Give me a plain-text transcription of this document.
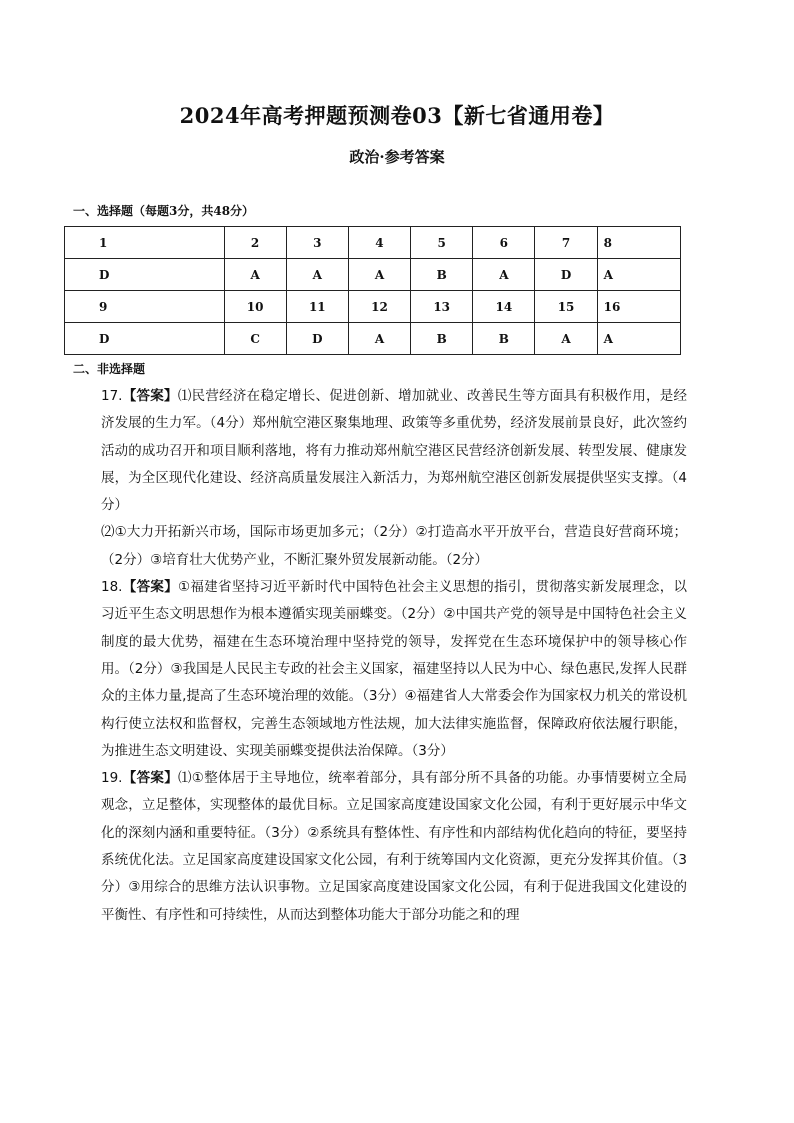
2024年高考押题预测卷03【新七省通用卷】
政治·参考答案
一、选择题（每题3分，共48分）
1	2	3	4	5	6	7	8
D	A	A	A	B	A	D	A
9	10	11	12	13	14	15	16
D	C	D	A	B	B	A	A
二、非选择题

17.【答案】⑴民营经济在稳定增长、促进创新、增加就业、改善民生等方面具有积极作用，是经济发展的生力军。（4分）郑州航空港区聚集地理、政策等多重优势，经济发展前景良好，此次签约活动的成功召开和项目顺利落地，将有力推动郑州航空港区民营经济创新发展、转型发展、健康发展，为全区现代化建设、经济高质量发展注入新活力，为郑州航空港区创新发展提供坚实支撑。（4分）

⑵①大力开拓新兴市场，国际市场更加多元；（2分）②打造高水平开放平台，营造良好营商环境；（2分）③培育壮大优势产业，不断汇聚外贸发展新动能。（2分）

18.【答案】①福建省坚持习近平新时代中国特色社会主义思想的指引，贯彻落实新发展理念，以习近平生态文明思想作为根本遵循实现美丽蝶变。（2分）②中国共产党的领导是中国特色社会主义制度的最大优势，福建在生态环境治理中坚持党的领导，发挥党在生态环境保护中的领导核心作用。（2分）③我国是人民民主专政的社会主义国家，福建坚持以人民为中心、绿色惠民,发挥人民群众的主体力量,提高了生态环境治理的效能。（3分）④福建省人大常委会作为国家权力机关的常设机构行使立法权和监督权，完善生态领域地方性法规，加大法律实施监督，保障政府依法履行职能，为推进生态文明建设、实现美丽蝶变提供法治保障。（3分）

19.【答案】⑴①整体居于主导地位，统率着部分，具有部分所不具备的功能。办事情要树立全局观念，立足整体，实现整体的最优目标。立足国家高度建设国家文化公园，有利于更好展示中华文化的深刻内涵和重要特征。（3分）②系统具有整体性、有序性和内部结构优化趋向的特征，要坚持系统优化法。立足国家高度建设国家文化公园，有利于统筹国内文化资源，更充分发挥其价值。（3分）③用综合的思维方法认识事物。立足国家高度建设国家文化公园，有利于促进我国文化建设的平衡性、有序性和可持续性，从而达到整体功能大于部分功能之和的理
